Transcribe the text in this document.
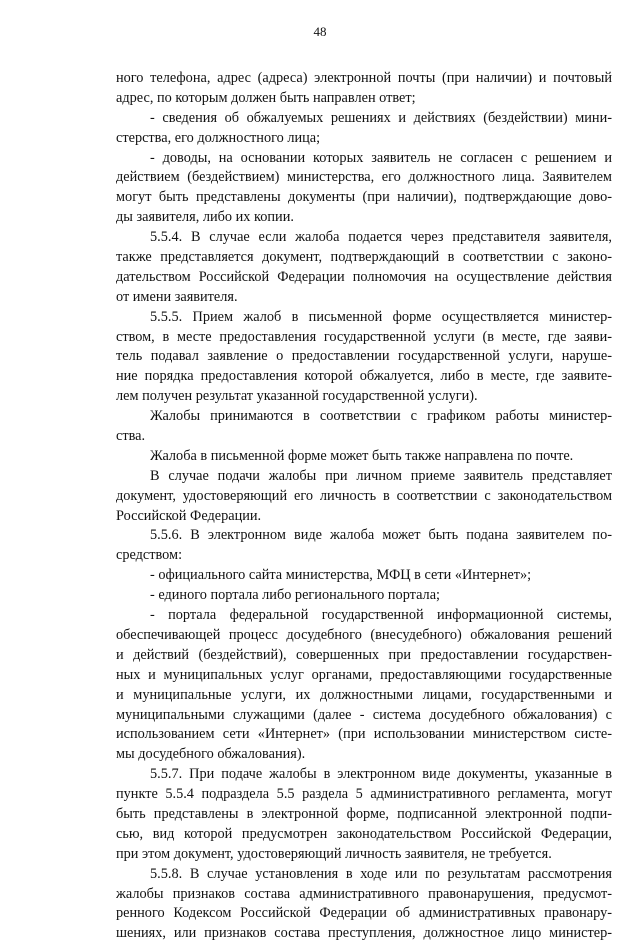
48
ного телефона, адрес (адреса) электронной почты (при наличии) и почтовый
адрес, по которым должен быть направлен ответ;
- сведения об обжалуемых решениях и действиях (бездействии) мини-
стерства, его должностного лица;
- доводы, на основании которых заявитель не согласен с решением и
действием (бездействием) министерства, его должностного лица. Заявителем
могут быть представлены документы (при наличии), подтверждающие дово-
ды заявителя, либо их копии.
5.5.4. В случае если жалоба подается через представителя заявителя,
также представляется документ, подтверждающий в соответствии с законо-
дательством Российской Федерации полномочия на осуществление действия
от имени заявителя.
5.5.5. Прием жалоб в письменной форме осуществляется министер-
ством, в месте предоставления государственной услуги (в месте, где заяви-
тель подавал заявление о предоставлении государственной услуги, наруше-
ние порядка предоставления которой обжалуется, либо в месте, где заявите-
лем получен результат указанной государственной услуги).
Жалобы принимаются в соответствии с графиком работы министер-
ства.
Жалоба в письменной форме может быть также направлена по почте.
В случае подачи жалобы при личном приеме заявитель представляет
документ, удостоверяющий его личность в соответствии с законодательством
Российской Федерации.
5.5.6. В электронном виде жалоба может быть подана заявителем по-
средством:
- официального сайта министерства, МФЦ в сети «Интернет»;
- единого портала либо регионального портала;
- портала федеральной государственной информационной системы,
обеспечивающей процесс досудебного (внесудебного) обжалования решений
и действий (бездействий), совершенных при предоставлении государствен-
ных и муниципальных услуг органами, предоставляющими государственные
и муниципальные услуги, их должностными лицами, государственными и
муниципальными служащими (далее - система досудебного обжалования) с
использованием сети «Интернет» (при использовании министерством систе-
мы досудебного обжалования).
5.5.7. При подаче жалобы в электронном виде документы, указанные в
пункте 5.5.4 подраздела 5.5 раздела 5 административного регламента, могут
быть представлены в электронной форме, подписанной электронной подпи-
сью, вид которой предусмотрен законодательством Российской Федерации,
при этом документ, удостоверяющий личность заявителя, не требуется.
5.5.8. В случае установления в ходе или по результатам рассмотрения
жалобы признаков состава административного правонарушения, предусмот-
ренного Кодексом Российской Федерации об административных правонару-
шениях, или признаков состава преступления, должностное лицо министер-
